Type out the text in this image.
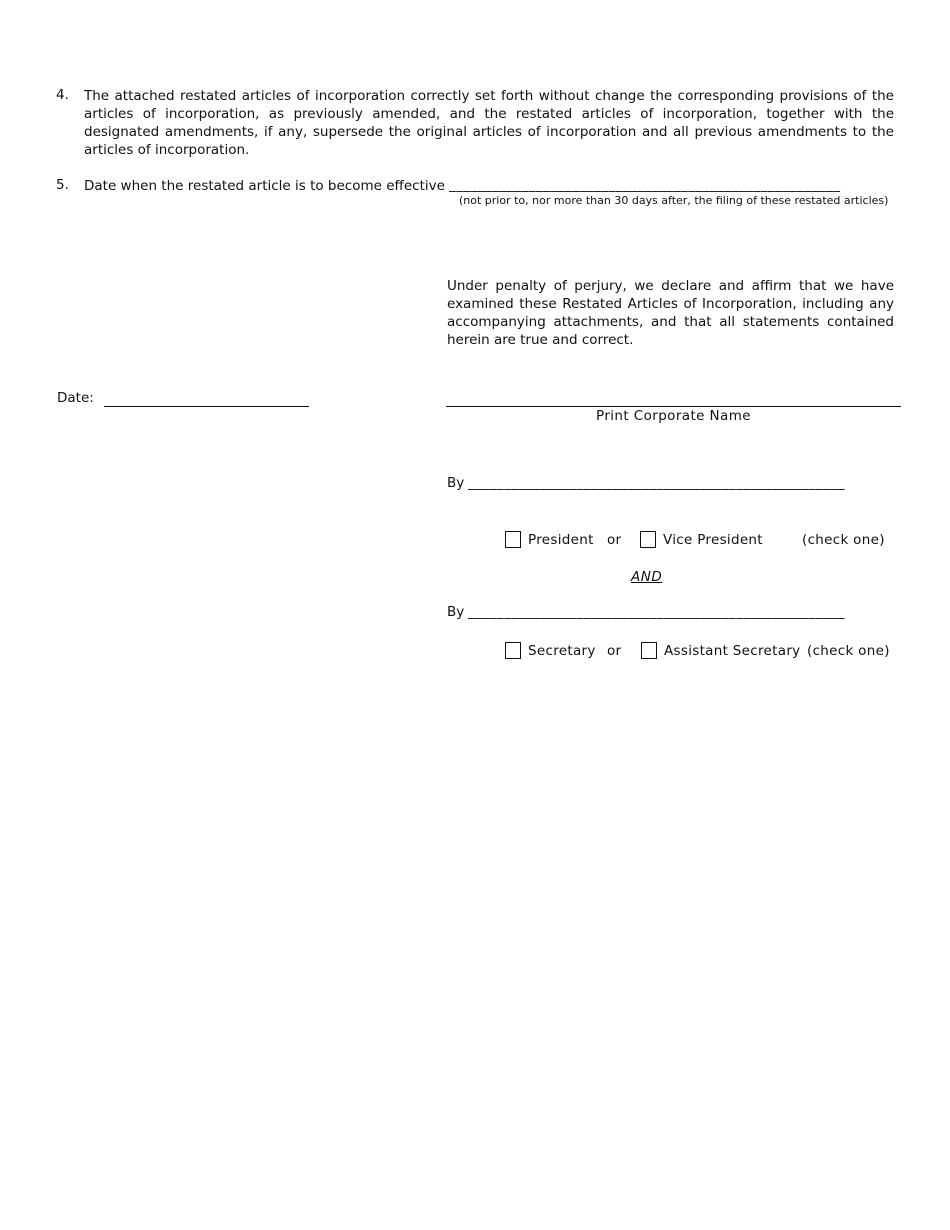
4. The attached restated articles of incorporation correctly set forth without change the corresponding provisions of the articles of incorporation, as previously amended, and the restated articles of incorporation, together with the designated amendments, if any, supersede the original articles of incorporation and all previous amendments to the articles of incorporation.
5. Date when the restated article is to become effective ______________________________________________________
(not prior to, nor more than 30 days after, the filing of these restated articles)
Under penalty of perjury, we declare and affirm that we have examined these Restated Articles of Incorporation, including any accompanying attachments, and that all statements contained herein are true and correct.
Date:
Print Corporate Name
By ____________________________________________________
President or	Vice President	(check one)
AND
By ____________________________________________________
Secretary or	Assistant Secretary (check one)
